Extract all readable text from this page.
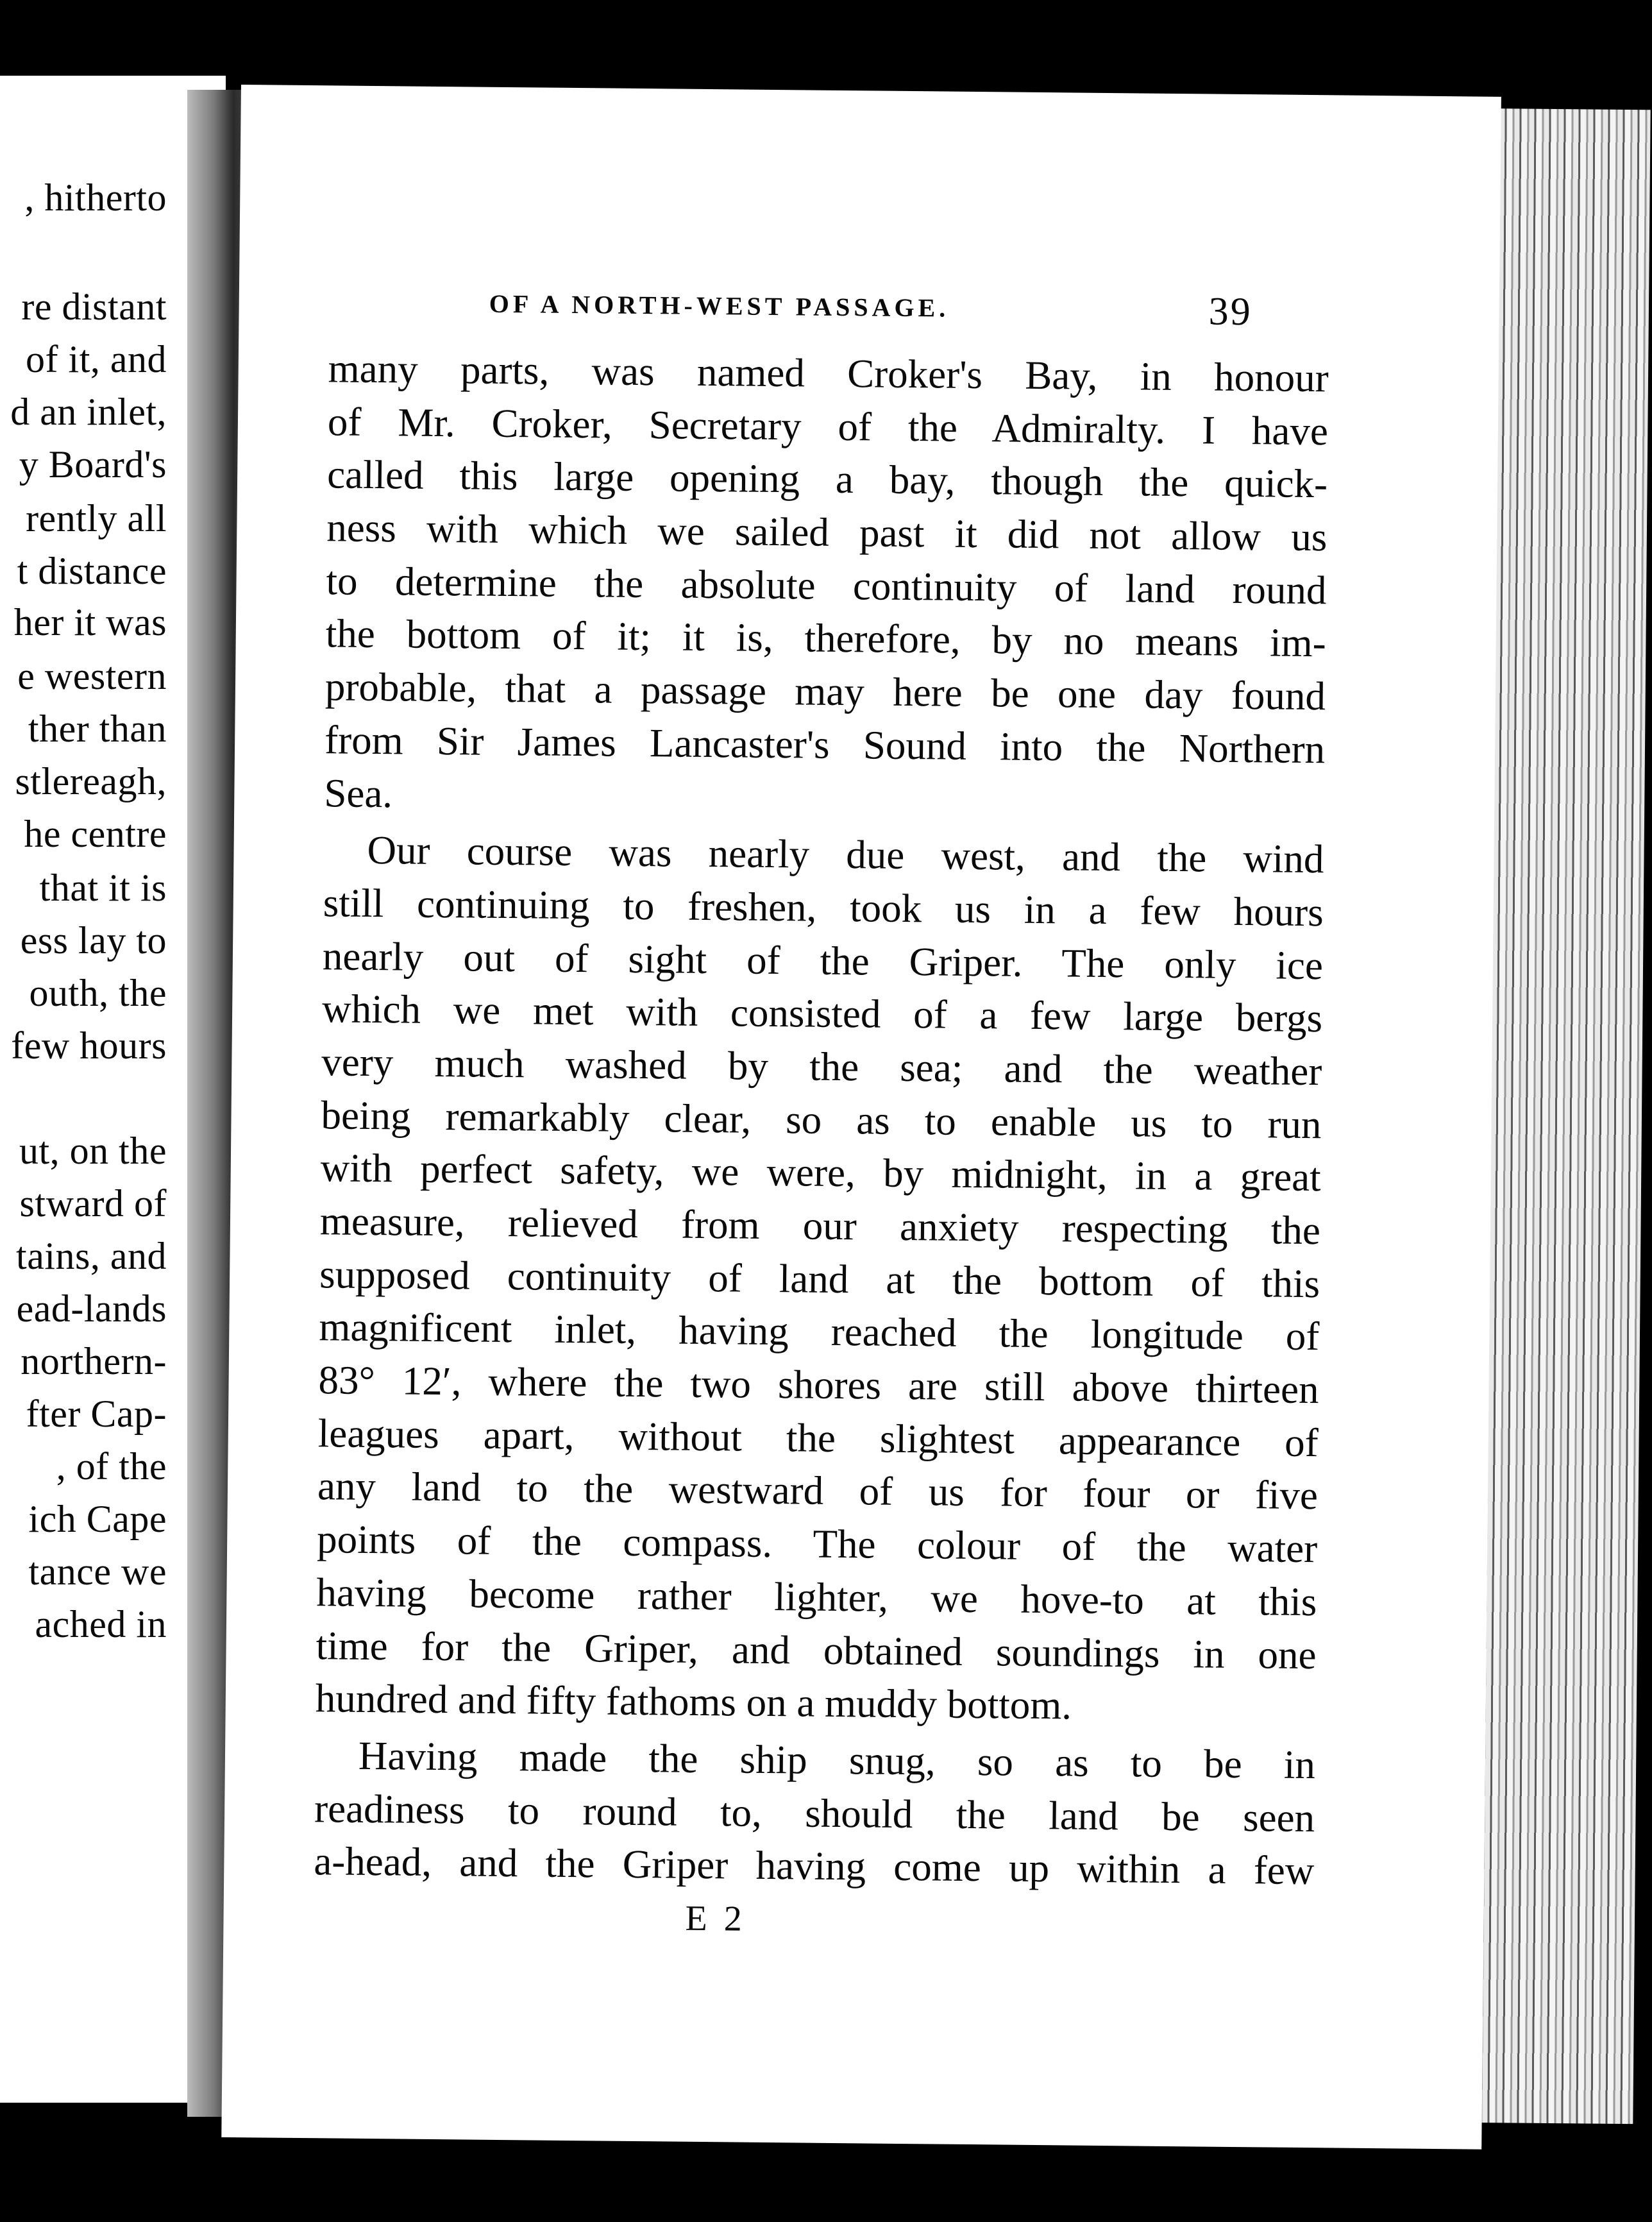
, hitherto
re distant
of it, and
d an inlet,
y Board's
rently all
t distance
her it was
e western
ther than
stlereagh,
he centre
that it is
ess lay to
outh, the
few hours
ut, on the
stward of
tains, and
ead-lands
northern-
fter Cap-
, of the
ich Cape
tance we
ached in
OF A NORTH-WEST PASSAGE.	39
many parts, was named Croker's Bay, in honour
of Mr. Croker, Secretary of the Admiralty. I have
called this large opening a bay, though the quick-
ness with which we sailed past it did not allow us
to determine the absolute continuity of land round
the bottom of it; it is, therefore, by no means im-
probable, that a passage may here be one day found
from Sir James Lancaster's Sound into the Northern
Sea.
Our course was nearly due west, and the wind
still continuing to freshen, took us in a few hours
nearly out of sight of the Griper. The only ice
which we met with consisted of a few large bergs
very much washed by the sea; and the weather
being remarkably clear, so as to enable us to run
with perfect safety, we were, by midnight, in a great
measure, relieved from our anxiety respecting the
supposed continuity of land at the bottom of this
magnificent inlet, having reached the longitude of
83° 12′, where the two shores are still above thirteen
leagues apart, without the slightest appearance of
any land to the westward of us for four or five
points of the compass. The colour of the water
having become rather lighter, we hove-to at this
time for the Griper, and obtained soundings in one
hundred and fifty fathoms on a muddy bottom.
Having made the ship snug, so as to be in
readiness to round to, should the land be seen
a-head, and the Griper having come up within a few
E 2
